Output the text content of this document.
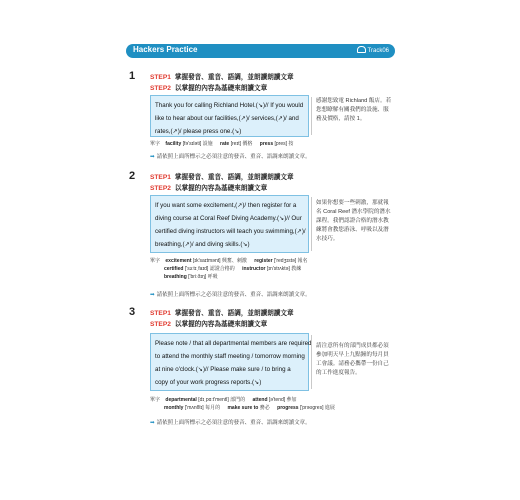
Hackers Practice	Track06
1 STEP1 掌握發音、重音、語調，並朗讀朗讀文章
STEP2 以掌握的內容為基礎來朗讀文章
Thank you for calling Richland Hotel.(↘)// If you would
like to hear about our facilities,(↗)/ services,(↗)/ and
rates,(↗)/ please press one.(↘)
感謝您致電 Richland 飯店。若您想瞭解有關我們的設施、服務及價格，請按 1。
單字 facility [fə'sɪləti] 設施 rate [reɪt] 價格 press [pres] 按
➡ 請依照上面所標示之必須注意的發音、重音、語調來朗讀文章。
2 STEP1 掌握發音、重音、語調，並朗讀朗讀文章
STEP2 以掌握的內容為基礎來朗讀文章
If you want some excitement,(↗)/ then register for a
diving course at Coral Reef Diving Academy.(↘)// Our
certified diving instructors will teach you swimming,(↗)/
breathing,(↗)/ and diving skills.(↘)
如果你想要一些刺激，那就報名 Coral Reef 潛水學院的潛水課程。我們認證合格的潛水教練將會教您游泳、呼吸以及潛水技巧。
單字 excitement [ɪk'saɪtmənt] 興奮、刺激 register ['redʒɪstə] 報名
certified ['sɜːtɪˌfaɪd] 認證合格的 instructor [ɪn'strʌktə] 教練
breathing ['briːðɪŋ] 呼吸
➡ 請依照上面所標示之必須注意的發音、重音、語調來朗讀文章。
3 STEP1 掌握發音、重音、語調，並朗讀朗讀文章
STEP2 以掌握的內容為基礎來朗讀文章
Please note / that all departmental members are required
to attend the monthly staff meeting / tomorrow morning
at nine o'clock.(↘)// Please make sure / to bring a
copy of your work progress reports.(↘)
請注意所有的部門成員都必須參加明天早上九點鐘的每月員工會議。請務必攜帶一份自己的工作進度報告。
單字 departmental [dɪˌpɑːt'mentl] 部門的 attend [ə'tend] 參加
monthly ['mʌnθlɪ] 每月的 make sure to 務必 progress ['prəʊgres] 進展
➡ 請依照上面所標示之必須注意的發音、重音、語調來朗讀文章。
